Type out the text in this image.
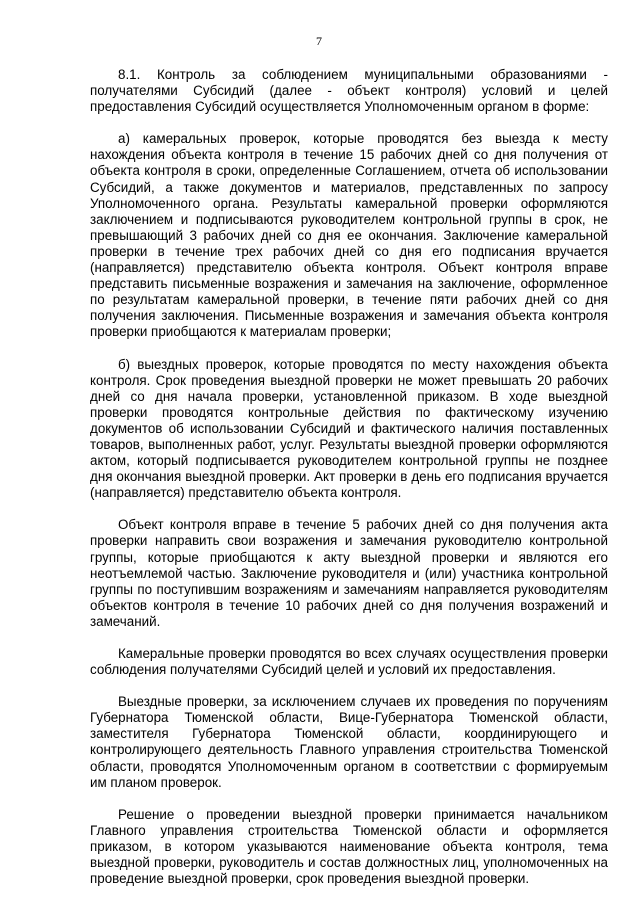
7

8.1. Контроль за соблюдением муниципальными образованиями - получателями Субсидий (далее - объект контроля) условий и целей предоставления Субсидий осуществляется Уполномоченным органом в форме:

а) камеральных проверок, которые проводятся без выезда к месту нахождения объекта контроля в течение 15 рабочих дней со дня получения от объекта контроля в сроки, определенные Соглашением, отчета об использовании Субсидий, а также документов и материалов, представленных по запросу Уполномоченного органа. Результаты камеральной проверки оформляются заключением и подписываются руководителем контрольной группы в срок, не превышающий 3 рабочих дней со дня ее окончания. Заключение камеральной проверки в течение трех рабочих дней со дня его подписания вручается (направляется) представителю объекта контроля. Объект контроля вправе представить письменные возражения и замечания на заключение, оформленное по результатам камеральной проверки, в течение пяти рабочих дней со дня получения заключения. Письменные возражения и замечания объекта контроля проверки приобщаются к материалам проверки;

б) выездных проверок, которые проводятся по месту нахождения объекта контроля. Срок проведения выездной проверки не может превышать 20 рабочих дней со дня начала проверки, установленной приказом. В ходе выездной проверки проводятся контрольные действия по фактическому изучению документов об использовании Субсидий и фактического наличия поставленных товаров, выполненных работ, услуг. Результаты выездной проверки оформляются актом, который подписывается руководителем контрольной группы не позднее дня окончания выездной проверки. Акт проверки в день его подписания вручается (направляется) представителю объекта контроля.

Объект контроля вправе в течение 5 рабочих дней со дня получения акта проверки направить свои возражения и замечания руководителю контрольной группы, которые приобщаются к акту выездной проверки и являются его неотъемлемой частью. Заключение руководителя и (или) участника контрольной группы по поступившим возражениям и замечаниям направляется руководителям объектов контроля в течение 10 рабочих дней со дня получения возражений и замечаний.

Камеральные проверки проводятся во всех случаях осуществления проверки соблюдения получателями Субсидий целей и условий их предоставления.

Выездные проверки, за исключением случаев их проведения по поручениям Губернатора Тюменской области, Вице-Губернатора Тюменской области, заместителя Губернатора Тюменской области, координирующего и контролирующего деятельность Главного управления строительства Тюменской области, проводятся Уполномоченным органом в соответствии с формируемым им планом проверок.

Решение о проведении выездной проверки принимается начальником Главного управления строительства Тюменской области и оформляется приказом, в котором указываются наименование объекта контроля, тема выездной проверки, руководитель и состав должностных лиц, уполномоченных на проведение выездной проверки, срок проведения выездной проверки.
